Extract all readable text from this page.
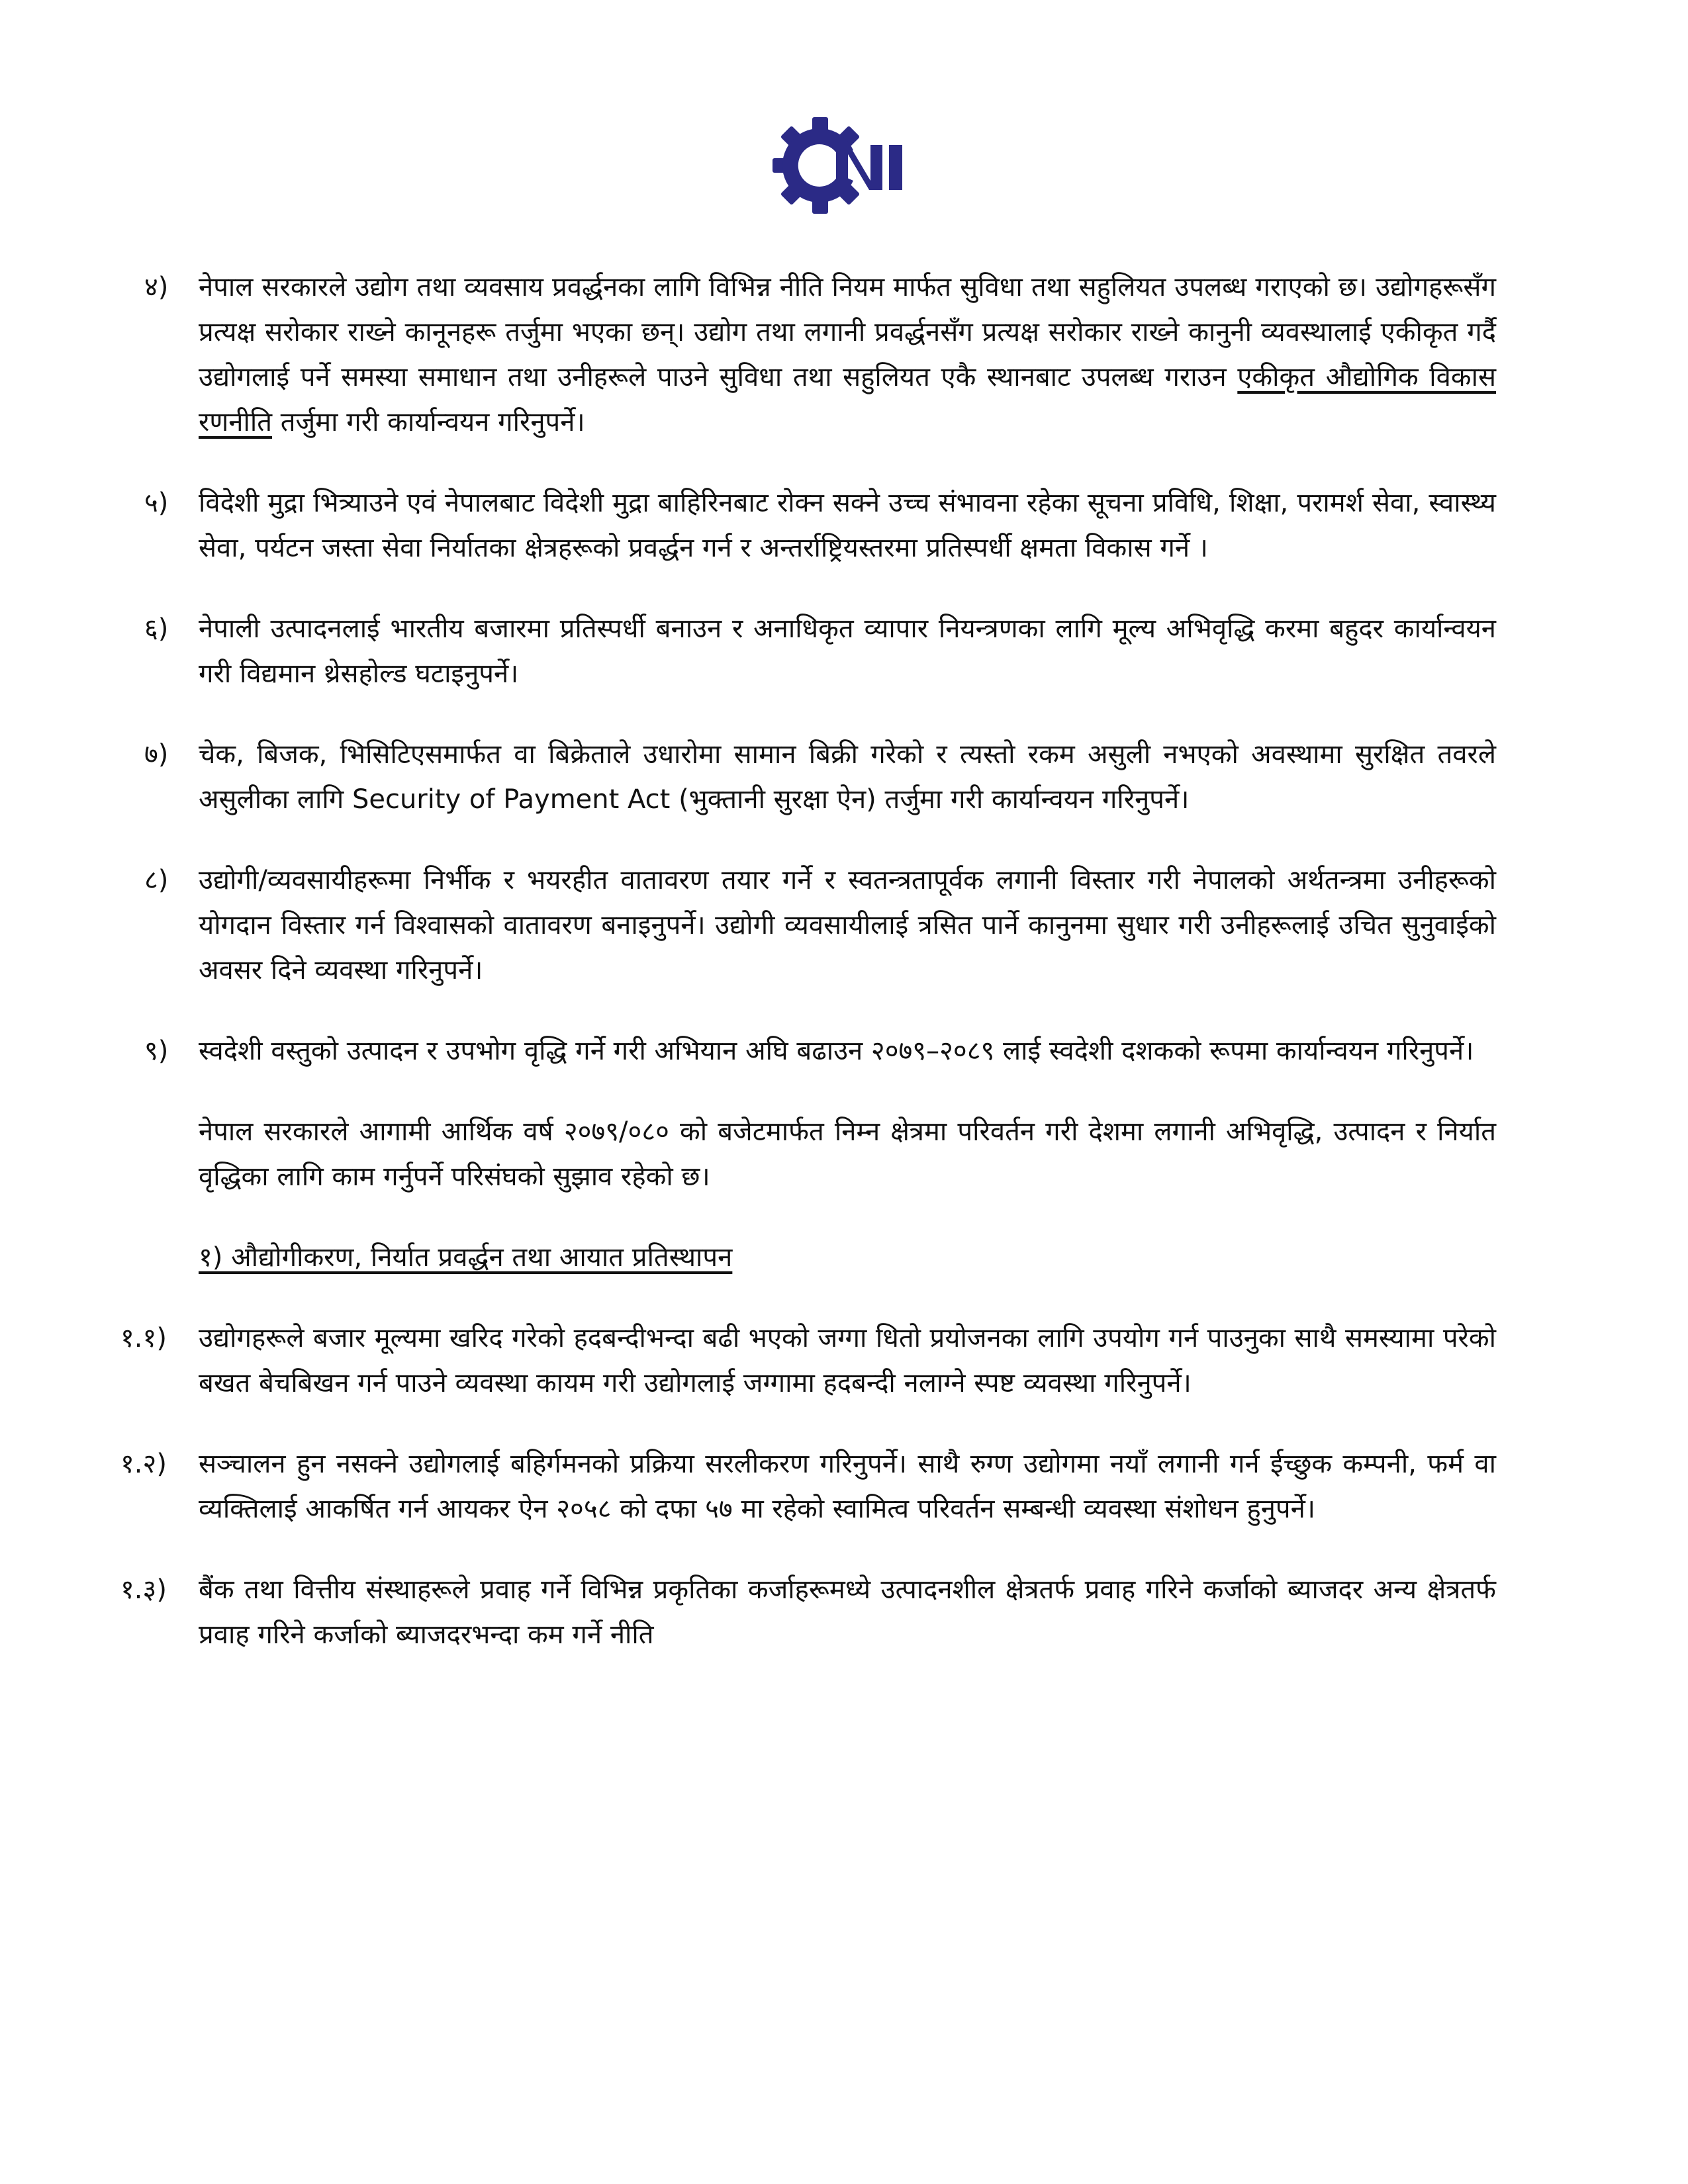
४)	नेपाल सरकारले उद्योग तथा व्यवसाय प्रवर्द्धनका लागि विभिन्न नीति नियम मार्फत सुविधा तथा सहुलियत उपलब्ध गराएको छ। उद्योगहरूसँग प्रत्यक्ष सरोकार राख्ने कानूनहरू तर्जुमा भएका छन्। उद्योग तथा लगानी प्रवर्द्धनसँग प्रत्यक्ष सरोकार राख्ने कानुनी व्यवस्थालाई एकीकृत गर्दै उद्योगलाई पर्ने समस्या समाधान तथा उनीहरूले पाउने सुविधा तथा सहुलियत एकै स्थानबाट उपलब्ध गराउन एकीकृत औद्योगिक विकास रणनीति तर्जुमा गरी कार्यान्वयन गरिनुपर्ने।
५)	विदेशी मुद्रा भित्र्याउने एवं नेपालबाट विदेशी मुद्रा बाहिरिनबाट रोक्न सक्ने उच्च संभावना रहेका सूचना प्रविधि, शिक्षा, परामर्श सेवा, स्वास्थ्य सेवा, पर्यटन जस्ता सेवा निर्यातका क्षेत्रहरूको प्रवर्द्धन गर्न र अन्तर्राष्ट्रियस्तरमा प्रतिस्पर्धी क्षमता विकास गर्ने ।
६)	नेपाली उत्पादनलाई भारतीय बजारमा प्रतिस्पर्धी बनाउन र अनाधिकृत व्यापार नियन्त्रणका लागि मूल्य अभिवृद्धि करमा बहुदर कार्यान्वयन गरी विद्यमान थ्रेसहोल्ड घटाइनुपर्ने।
७)	चेक, बिजक, भिसिटिएसमार्फत वा बिक्रेताले उधारोमा सामान बिक्री गरेको र त्यस्तो रकम असुली नभएको अवस्थामा सुरक्षित तवरले असुलीका लागि Security of Payment Act (भुक्तानी सुरक्षा ऐन) तर्जुमा गरी कार्यान्वयन गरिनुपर्ने।
८)	उद्योगी/व्यवसायीहरूमा निर्भीक र भयरहीत वातावरण तयार गर्ने र स्वतन्त्रतापूर्वक लगानी विस्तार गरी नेपालको अर्थतन्त्रमा उनीहरूको योगदान विस्तार गर्न विश्वासको वातावरण बनाइनुपर्ने। उद्योगी व्यवसायीलाई त्रसित पार्ने कानुनमा सुधार गरी उनीहरूलाई उचित सुनुवाईको अवसर दिने व्यवस्था गरिनुपर्ने।
९)	स्वदेशी वस्तुको उत्पादन र उपभोग वृद्धि गर्ने गरी अभियान अघि बढाउन २०७९–२०८९ लाई स्वदेशी दशकको रूपमा कार्यान्वयन गरिनुपर्ने।
नेपाल सरकारले आगामी आर्थिक वर्ष २०७९/०८० को बजेटमार्फत निम्न क्षेत्रमा परिवर्तन गरी देशमा लगानी अभिवृद्धि, उत्पादन र निर्यात वृद्धिका लागि काम गर्नुपर्ने परिसंघको सुझाव रहेको छ।
१) औद्योगीकरण, निर्यात प्रवर्द्धन तथा आयात प्रतिस्थापन
१.१)	उद्योगहरूले बजार मूल्यमा खरिद गरेको हदबन्दीभन्दा बढी भएको जग्गा धितो प्रयोजनका लागि उपयोग गर्न पाउनुका साथै समस्यामा परेको बखत बेचबिखन गर्न पाउने व्यवस्था कायम गरी उद्योगलाई जग्गामा हदबन्दी नलाग्ने स्पष्ट व्यवस्था गरिनुपर्ने।
१.२)	सञ्चालन हुन नसक्ने उद्योगलाई बहिर्गमनको प्रक्रिया सरलीकरण गरिनुपर्ने। साथै रुग्ण उद्योगमा नयाँ लगानी गर्न ईच्छुक कम्पनी, फर्म वा व्यक्तिलाई आकर्षित गर्न आयकर ऐन २०५८ को दफा ५७ मा रहेको स्वामित्व परिवर्तन सम्बन्धी व्यवस्था संशोधन हुनुपर्ने।
१.३)	बैंक तथा वित्तीय संस्थाहरूले प्रवाह गर्ने विभिन्न प्रकृतिका कर्जाहरूमध्ये उत्पादनशील क्षेत्रतर्फ प्रवाह गरिने कर्जाको ब्याजदर अन्य क्षेत्रतर्फ प्रवाह गरिने कर्जाको ब्याजदरभन्दा कम गर्ने नीति
